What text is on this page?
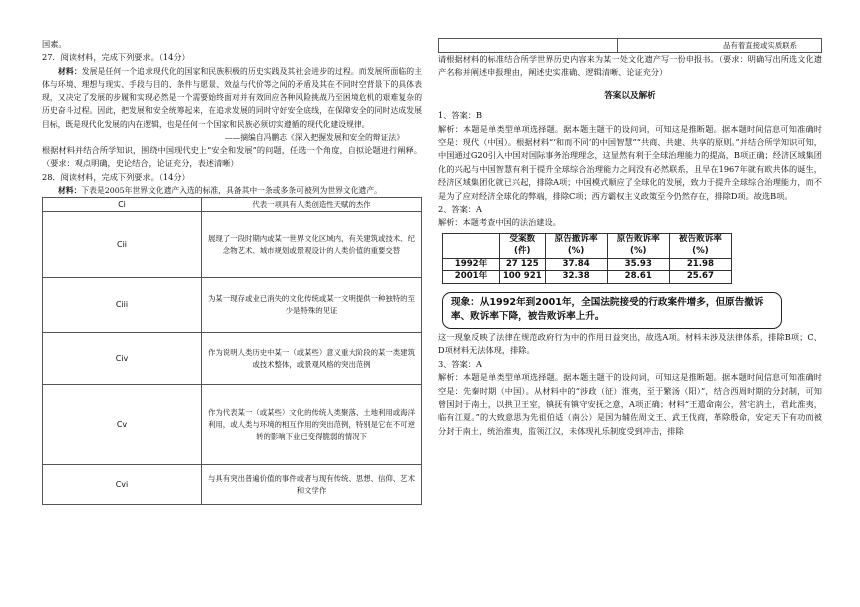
国素。

27．阅读材料，完成下列要求。（14分）

材料：发展是任何一个追求现代化的国家和民族积极的历史实践及其社会进步的过程。而发展所面临的主体与环境、理想与现实、手段与目的、条件与愿景、效益与代价等之间的矛盾及其在不同时空背景下的具体表现，又决定了发展的步履和实现必然是一个需要始终面对并有效回应各种风险挑战乃至困境危机的艰难复杂的历史奋斗过程。因此，把发展和安全统筹起来，在追求发展的同时守好安全底线，在保障安全的同时达成发展目标，既是现代化发展的内在逻辑，也是任何一个国家和民族必须切实遵循的现代化建设规律。

——摘编自冯鹏志《深入把握发展和安全的辩证法》

根据材料并结合所学知识，围绕中国现代史上“安全和发展”的问题，任选一个角度，自拟论题进行阐释。（要求：观点明确，史论结合，论证充分，表述清晰）

28．阅读材料，完成下列要求。（14分）

材料：下表是2005年世界文化遗产入选的标准，具备其中一条或多条可被列为世界文化遗产。

Ci	代表一项具有人类创造性天赋的杰作
Cii	展现了一段时期内或某一世界文化区域内，有关建筑或技术、纪念物艺术、城市规划或景观设计的人类价值的重要交替
Ciii	为某一现存或业已消失的文化传统或某一文明提供一种独特的至少是特殊的见证
Civ	作为说明人类历史中某一（或某些）意义重大阶段的某一类建筑或技术整体，或景观风格的突出范例
Cv	作为代表某一（或某些）文化的传统人类聚落、土地利用或海洋利用，或人类与环境的相互作用的突出范例，特别是它在不可逆转的影响下业已变得脆弱的情况下
Cvi	与具有突出普遍价值的事件或者与现有传统、思想、信仰、艺术和文学作
	品有着直接或实质联系

请根据材料的标准结合所学世界历史内容来为某一处文化遗产写一份申报书。（要求：明确写出所选文化遗产名称并阐述申报理由，阐述史实准确、逻辑清晰、论证充分）

答案以及解析

1、答案：B

解析：本题是单类型单项选择题。据本题主题干的设问词，可知这是推断题。据本题时间信息可知准确时空是：现代（中国）。根据材料“‘和而不同’的中国智慧”“共商、共建、共享的原则。”并结合所学知识可知，中国通过G20引入中国对国际事务治理理念，这显然有利于全球治理能力的提高，B项正确；经济区域集团化的兴起与中国智慧有利于提升全球综合治理能力之间没有必然联系，且早在1967年就有欧共体的诞生，经济区域集团化就已兴起，排除A项；中国模式顺应了全球化的发展，致力于提升全球综合治理能力，而不是为了应对经济全球化的弊端，排除C项；西方霸权主义政策至今仍然存在，排除D项。故选B项。

2、答案：A

解析：本题考查中国的法治建设。

	受案数(件)	原告撤诉率(%)	原告败诉率(%)	被告败诉率(%)
1992年	27 125	37.84	35.93	21.98
2001年	100 921	32.38	28.61	25.67
现象：从1992年到2001年，全国法院接受的行政案件增多，但原告撤诉率、败诉率下降，被告败诉率上升。

这一现象反映了法律在规范政府行为中的作用日益突出，故选A项。材料未涉及法律体系，排除B项；C、D项材料无法体现，排除。

3、答案：A

解析：本题是单类型单项选择题。据本题主题干的设问词，可知这是推断题。据本题时间信息可知准确时空是：先秦时期（中国）。从材料中的“涉政（征）淮夷，至于繁汤（阳）”，结合西周时期的分封制，可知曾国封于南土，以拱卫王室，镇抚有镇守安抚之意，A项正确；材料“王遣命南公，营宅汭土，君此淮夷，临有江夏。”的大致意思为先祖伯适（南公）是国为辅佐周文王、武王伐商，革除殷命，安定天下有功而被分封于南土，统治淮夷，监领江汉，未体现礼乐制度受到冲击，排除
